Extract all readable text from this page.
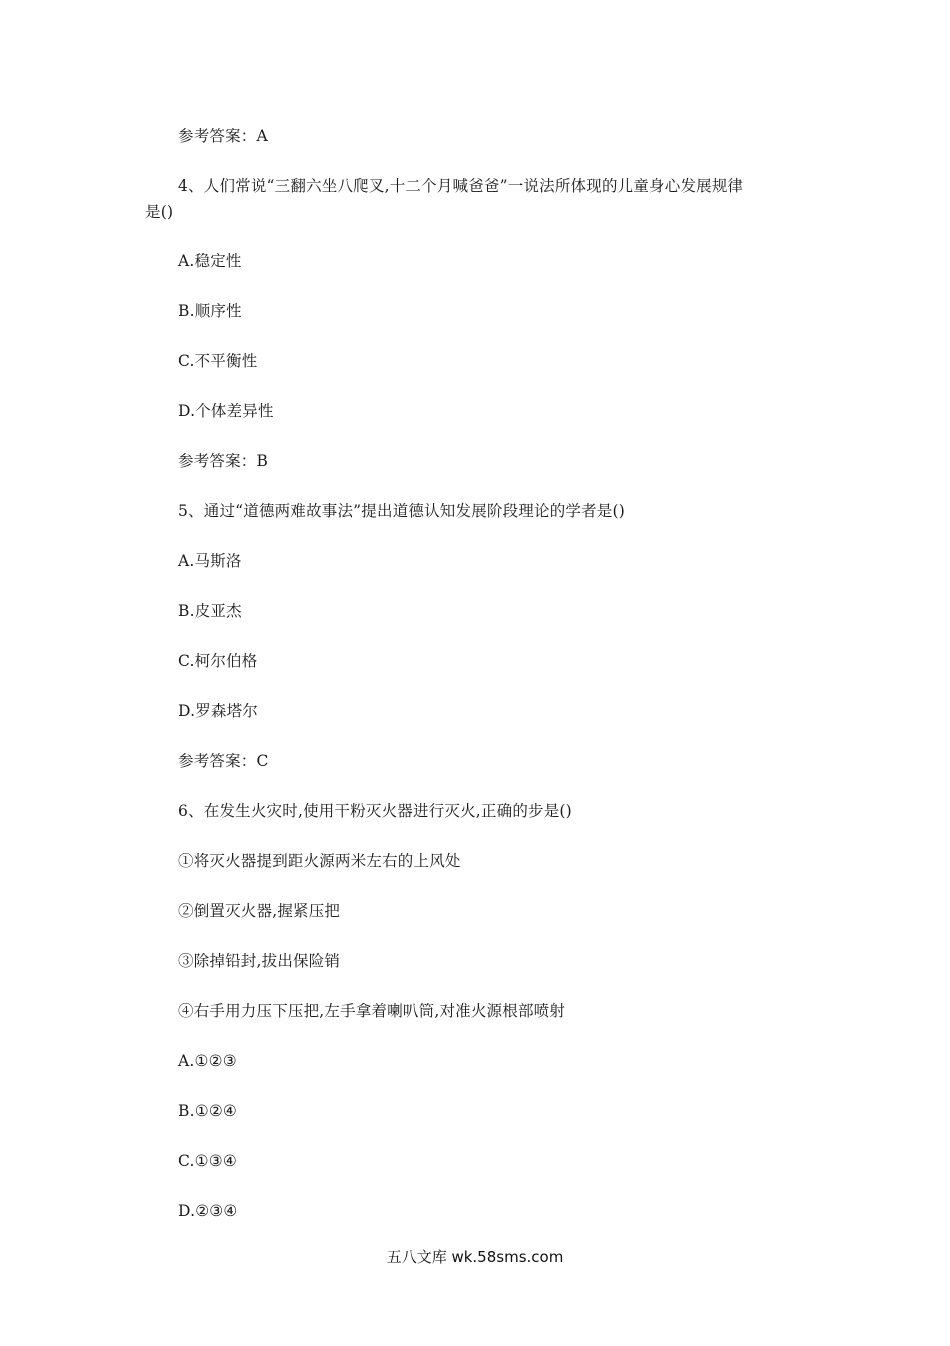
参考答案：A
4、人们常说“三翻六坐八爬叉,十二个月喊爸爸”一说法所体现的儿童身心发展规律
是()
A.稳定性
B.顺序性
C.不平衡性
D.个体差异性
参考答案：B
5、通过“道德两难故事法”提出道德认知发展阶段理论的学者是()
A.马斯洛
B.皮亚杰
C.柯尔伯格
D.罗森塔尔
参考答案：C
6、在发生火灾时,使用干粉灭火器进行灭火,正确的步是()
①将灭火器提到距火源两米左右的上风处
②倒置灭火器,握紧压把
③除掉铅封,拔出保险销
④右手用力压下压把,左手拿着喇叭筒,对准火源根部喷射
A.①②③
B.①②④
C.①③④
D.②③④
五八文库 wk.58sms.com
